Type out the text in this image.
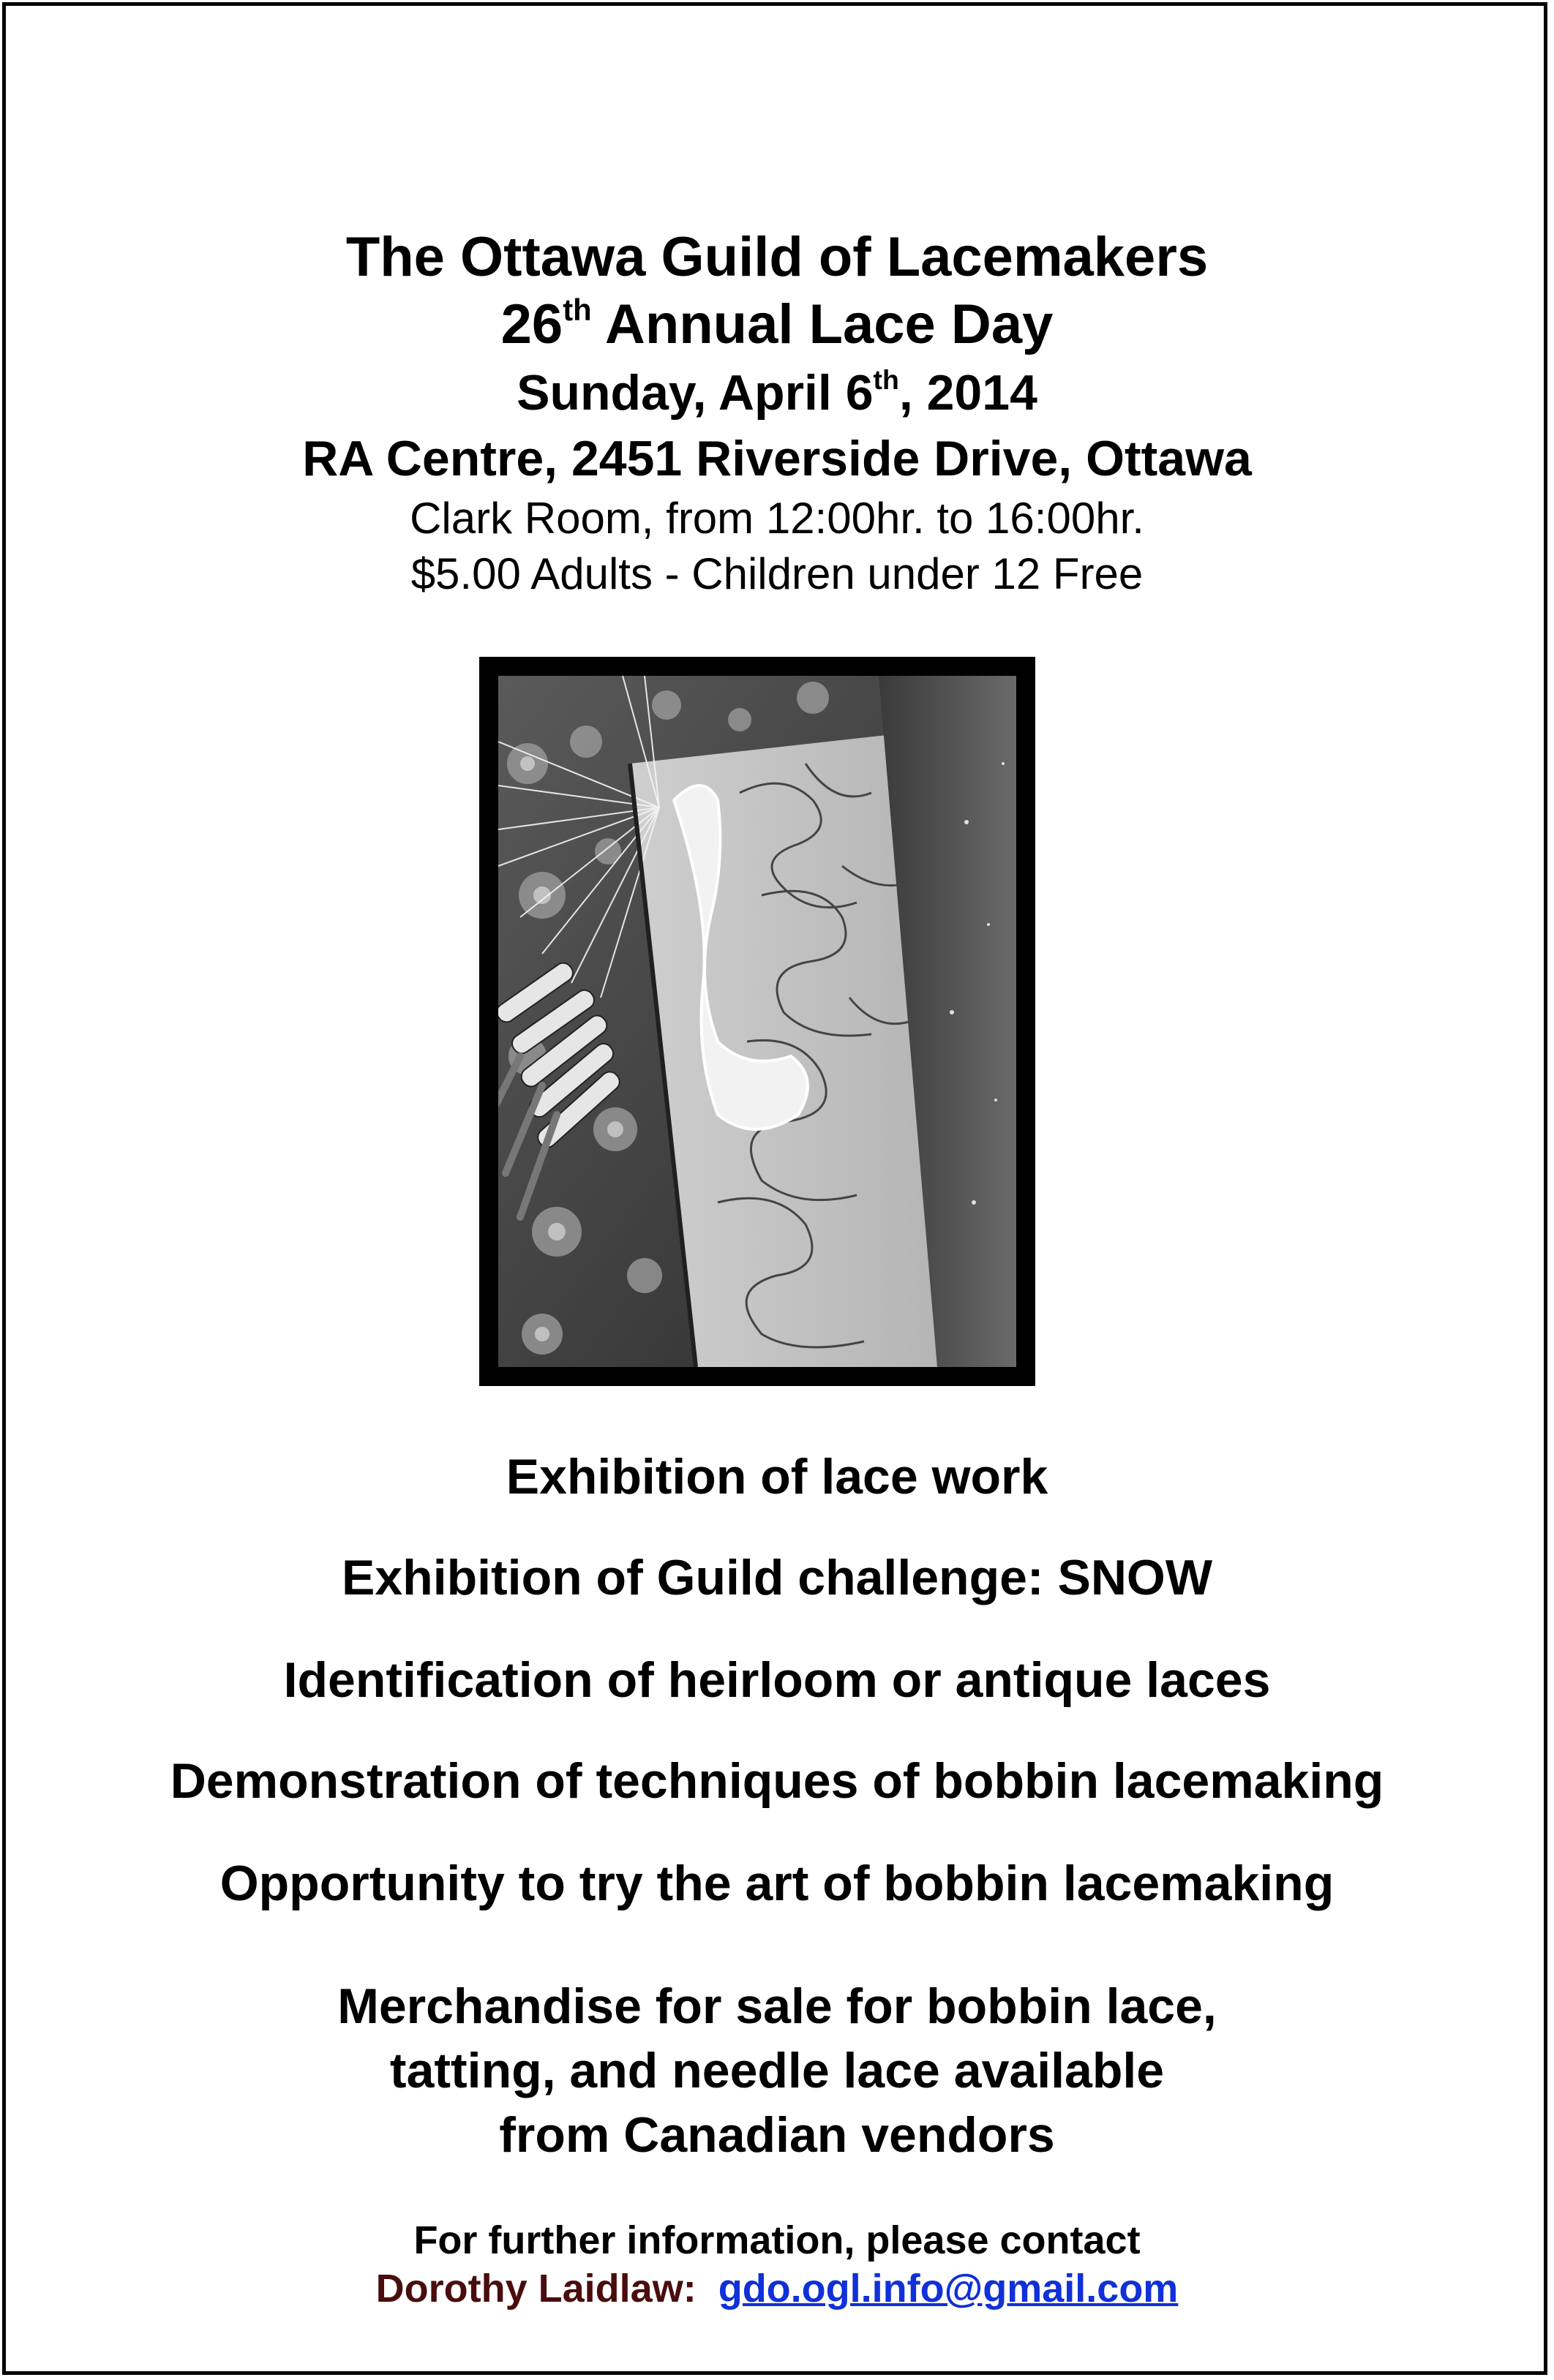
The Ottawa Guild of Lacemakers
26th Annual Lace Day
Sunday, April 6th, 2014
RA Centre, 2451 Riverside Drive, Ottawa
Clark Room, from 12:00hr. to 16:00hr.
$5.00 Adults - Children under 12 Free
Exhibition of lace work
Exhibition of Guild challenge: SNOW
Identification of heirloom or antique laces
Demonstration of techniques of bobbin lacemaking
Opportunity to try the art of bobbin lacemaking
Merchandise for sale for bobbin lace,
tatting, and needle lace available
from Canadian vendors
For further information, please contact
Dorothy Laidlaw: gdo.ogl.info@gmail.com
